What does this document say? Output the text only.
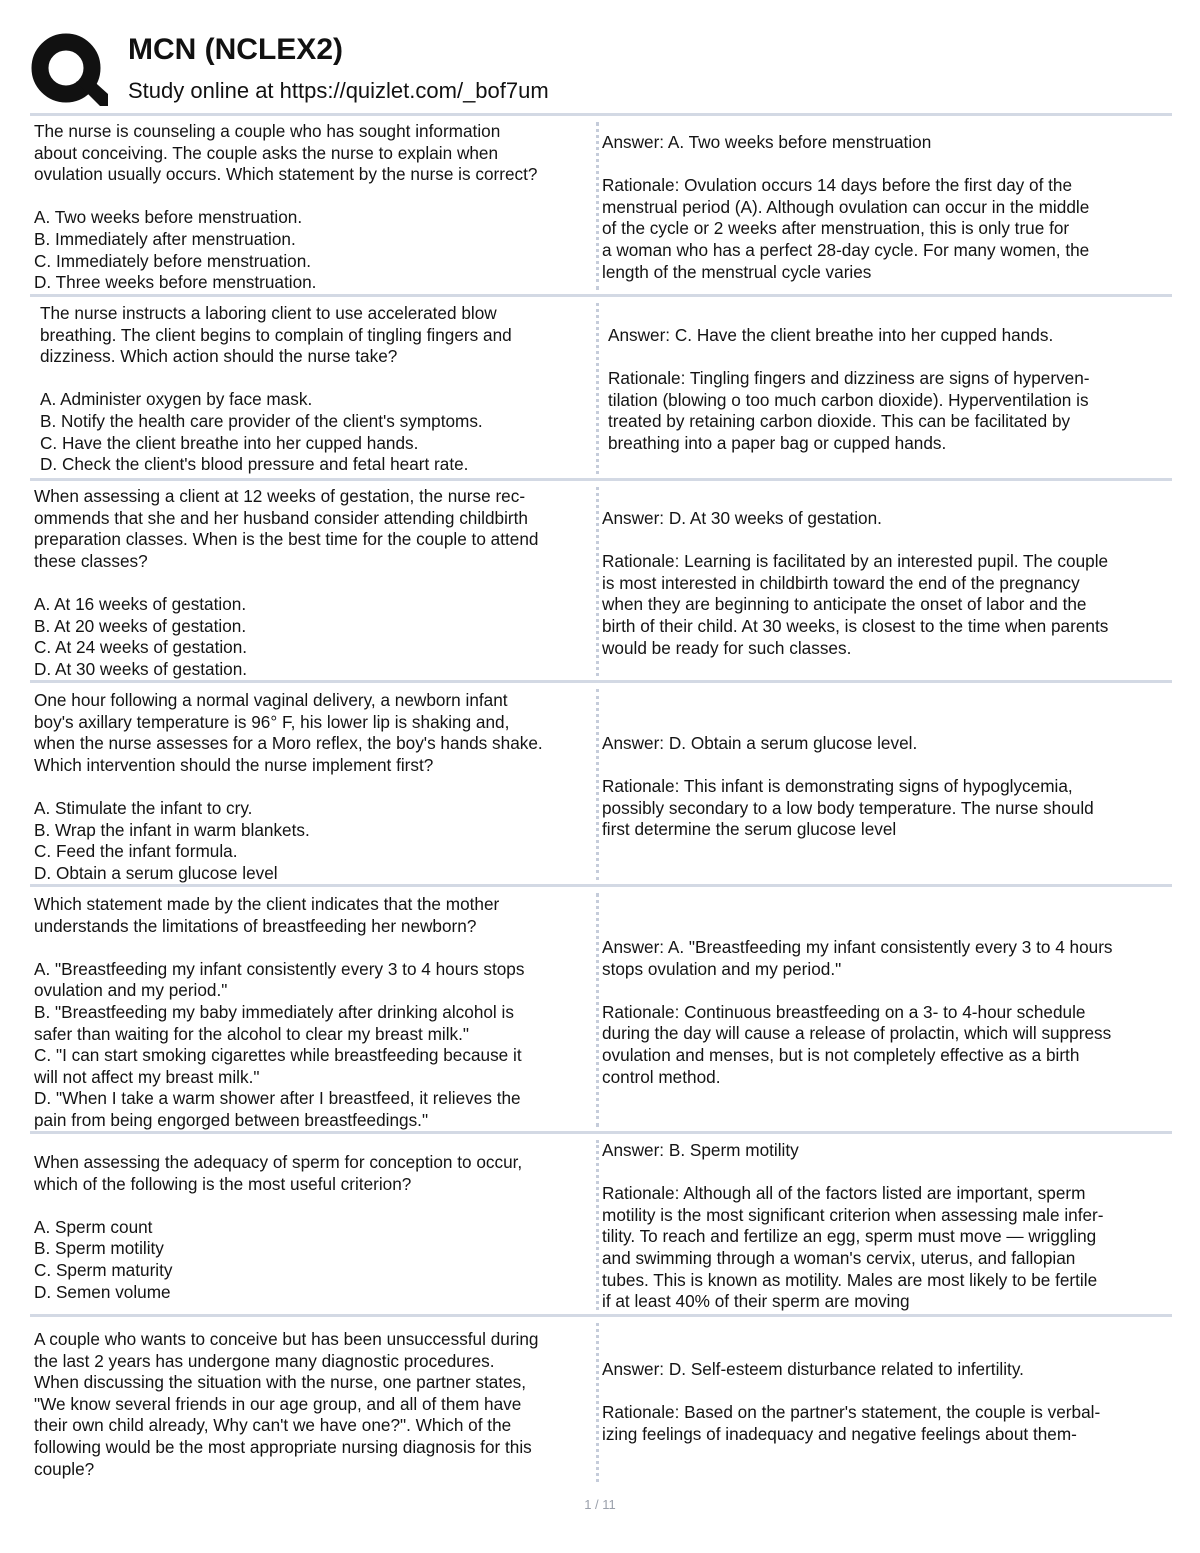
MCN (NCLEX2)
Study online at https://quizlet.com/_bof7um
The nurse is counseling a couple who has sought information
about conceiving. The couple asks the nurse to explain when
ovulation usually occurs. Which statement by the nurse is correct?
A. Two weeks before menstruation.
B. Immediately after menstruation.
C. Immediately before menstruation.
D. Three weeks before menstruation.
Answer: A. Two weeks before menstruation
Rationale: Ovulation occurs 14 days before the first day of the
menstrual period (A). Although ovulation can occur in the middle
of the cycle or 2 weeks after menstruation, this is only true for
a woman who has a perfect 28-day cycle. For many women, the
length of the menstrual cycle varies
The nurse instructs a laboring client to use accelerated blow
breathing. The client begins to complain of tingling fingers and
dizziness. Which action should the nurse take?
A. Administer oxygen by face mask.
B. Notify the health care provider of the client's symptoms.
C. Have the client breathe into her cupped hands.
D. Check the client's blood pressure and fetal heart rate.
Answer: C. Have the client breathe into her cupped hands.
Rationale: Tingling fingers and dizziness are signs of hyperven-
tilation (blowing o too much carbon dioxide). Hyperventilation is
treated by retaining carbon dioxide. This can be facilitated by
breathing into a paper bag or cupped hands.
When assessing a client at 12 weeks of gestation, the nurse rec-
ommends that she and her husband consider attending childbirth
preparation classes. When is the best time for the couple to attend
these classes?
A. At 16 weeks of gestation.
B. At 20 weeks of gestation.
C. At 24 weeks of gestation.
D. At 30 weeks of gestation.
Answer: D. At 30 weeks of gestation.
Rationale: Learning is facilitated by an interested pupil. The couple
is most interested in childbirth toward the end of the pregnancy
when they are beginning to anticipate the onset of labor and the
birth of their child. At 30 weeks, is closest to the time when parents
would be ready for such classes.
One hour following a normal vaginal delivery, a newborn infant
boy's axillary temperature is 96° F, his lower lip is shaking and,
when the nurse assesses for a Moro reflex, the boy's hands shake.
Which intervention should the nurse implement first?
A. Stimulate the infant to cry.
B. Wrap the infant in warm blankets.
C. Feed the infant formula.
D. Obtain a serum glucose level
Answer: D. Obtain a serum glucose level.
Rationale: This infant is demonstrating signs of hypoglycemia,
possibly secondary to a low body temperature. The nurse should
first determine the serum glucose level
Which statement made by the client indicates that the mother
understands the limitations of breastfeeding her newborn?
A. "Breastfeeding my infant consistently every 3 to 4 hours stops
ovulation and my period."
B. "Breastfeeding my baby immediately after drinking alcohol is
safer than waiting for the alcohol to clear my breast milk."
C. "I can start smoking cigarettes while breastfeeding because it
will not affect my breast milk."
D. "When I take a warm shower after I breastfeed, it relieves the
pain from being engorged between breastfeedings."
Answer: A. "Breastfeeding my infant consistently every 3 to 4 hours
stops ovulation and my period."
Rationale: Continuous breastfeeding on a 3- to 4-hour schedule
during the day will cause a release of prolactin, which will suppress
ovulation and menses, but is not completely effective as a birth
control method.
When assessing the adequacy of sperm for conception to occur,
which of the following is the most useful criterion?
A. Sperm count
B. Sperm motility
C. Sperm maturity
D. Semen volume
Answer: B. Sperm motility
Rationale: Although all of the factors listed are important, sperm
motility is the most significant criterion when assessing male infer-
tility. To reach and fertilize an egg, sperm must move — wriggling
and swimming through a woman's cervix, uterus, and fallopian
tubes. This is known as motility. Males are most likely to be fertile
if at least 40% of their sperm are moving
A couple who wants to conceive but has been unsuccessful during
the last 2 years has undergone many diagnostic procedures.
When discussing the situation with the nurse, one partner states,
"We know several friends in our age group, and all of them have
their own child already, Why can't we have one?". Which of the
following would be the most appropriate nursing diagnosis for this
couple?
Answer: D. Self-esteem disturbance related to infertility.
Rationale: Based on the partner's statement, the couple is verbal-
izing feelings of inadequacy and negative feelings about them-
1 / 11
